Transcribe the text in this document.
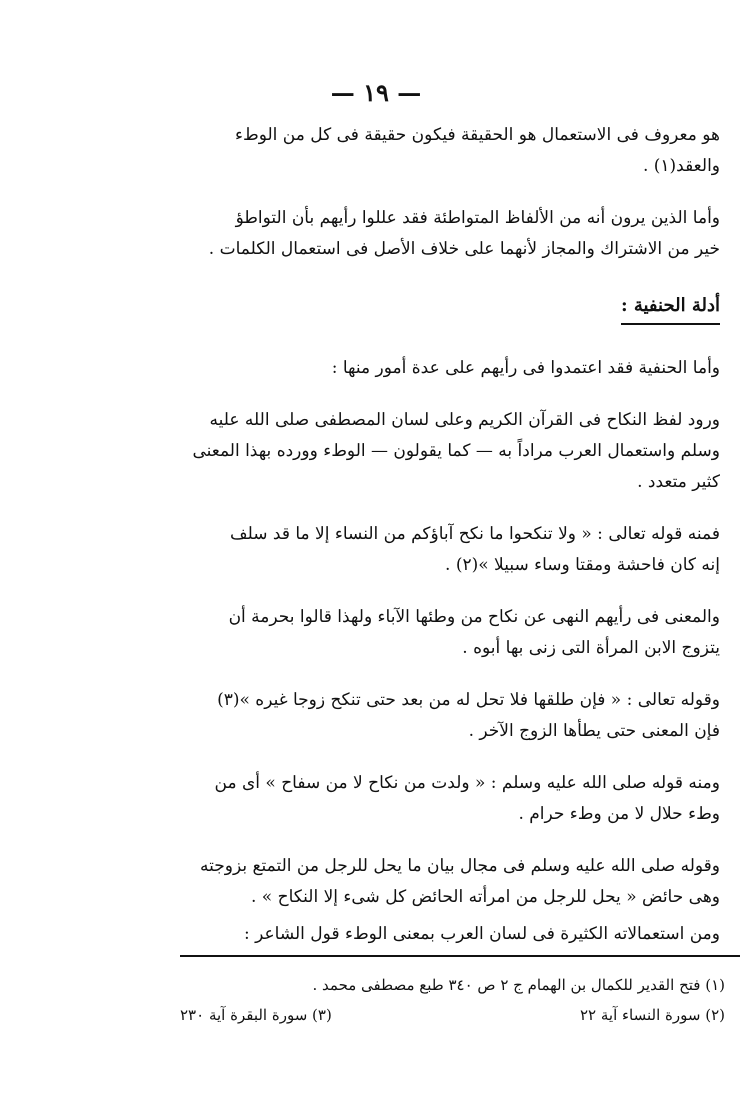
— ١٩ —

هو معروف فى الاستعمال هو الحقيقة فيكون حقيقة فى كل من الوطء

والعقد(١) .

وأما الذين يرون أنه من الألفاظ المتواطئة فقد عللوا رأيهم بأن التواطؤ

خير من الاشتراك والمجاز لأنهما على خلاف الأصل فى استعمال الكلمات .

أدلة الحنفية :

وأما الحنفية فقد اعتمدوا فى رأيهم على عدة أمور منها :

ورود لفظ النكاح فى القرآن الكريم وعلى لسان المصطفى صلى الله عليه

وسلم واستعمال العرب مراداً به — كما يقولون — الوطء وورده بهذا المعنى

كثير متعدد .

فمنه قوله تعالى : « ولا تنكحوا ما نكح آباؤكم من النساء إلا ما قد سلف

إنه كان فاحشة ومقتا وساء سبيلا »(٢) .

والمعنى فى رأيهم النهى عن نكاح من وطئها الآباء ولهذا قالوا بحرمة أن

يتزوج الابن المرأة التى زنى بها أبوه .

وقوله تعالى : « فإن طلقها فلا تحل له من بعد حتى تنكح زوجا غيره »(٣)

فإن المعنى حتى يطأها الزوج الآخر .

ومنه قوله صلى الله عليه وسلم : « ولدت من نكاح لا من سفاح » أى من

وطء حلال لا من وطء حرام .

وقوله صلى الله عليه وسلم فى مجال بيان ما يحل للرجل من التمتع بزوجته

وهى حائض « يحل للرجل من امرأته الحائض كل شىء إلا النكاح » .

ومن استعمالاته الكثيرة فى لسان العرب بمعنى الوطء قول الشاعر :

(١) فتح القدير للكمال بن الهمام ج ٢ ص ٣٤٠ طبع مصطفى محمد .
(٢) سورة النساء آية ٢٢
(٣) سورة البقرة آية ٢٣٠
